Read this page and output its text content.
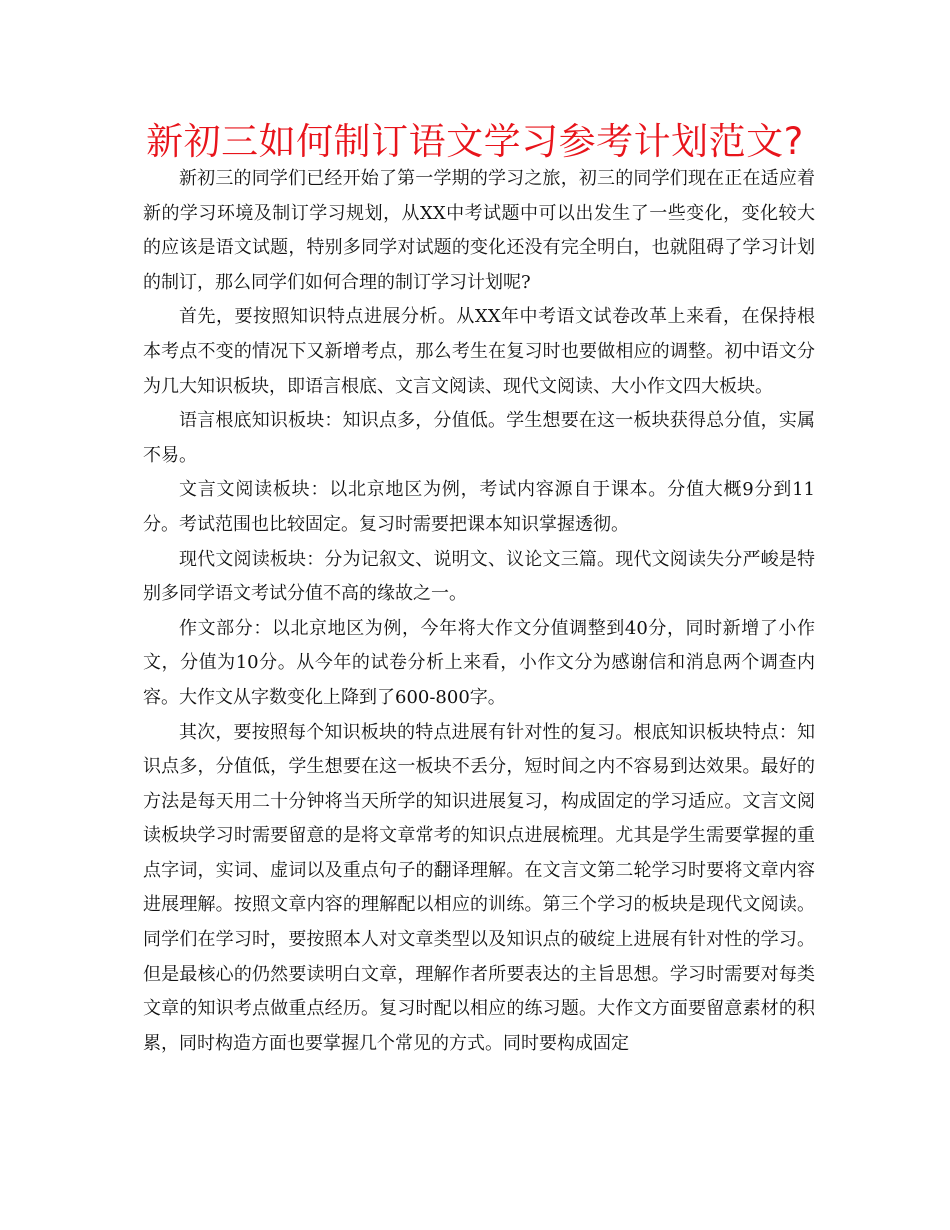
新初三如何制订语文学习参考计划范文?

新初三的同学们已经开始了第一学期的学习之旅，初三的同学们现在正在适应着新的学习环境及制订学习规划，从XX中考试题中可以出发生了一些变化，变化较大的应该是语文试题，特别多同学对试题的变化还没有完全明白，也就阻碍了学习计划的制订，那么同学们如何合理的制订学习计划呢?

首先，要按照知识特点进展分析。从XX年中考语文试卷改革上来看，在保持根本考点不变的情况下又新增考点，那么考生在复习时也要做相应的调整。初中语文分为几大知识板块，即语言根底、文言文阅读、现代文阅读、大小作文四大板块。

语言根底知识板块：知识点多，分值低。学生想要在这一板块获得总分值，实属不易。

文言文阅读板块：以北京地区为例，考试内容源自于课本。分值大概9分到11分。考试范围也比较固定。复习时需要把课本知识掌握透彻。

现代文阅读板块：分为记叙文、说明文、议论文三篇。现代文阅读失分严峻是特别多同学语文考试分值不高的缘故之一。

作文部分：以北京地区为例，今年将大作文分值调整到40分，同时新增了小作文，分值为10分。从今年的试卷分析上来看，小作文分为感谢信和消息两个调查内容。大作文从字数变化上降到了600-800字。

其次，要按照每个知识板块的特点进展有针对性的复习。根底知识板块特点：知识点多，分值低，学生想要在这一板块不丢分，短时间之内不容易到达效果。最好的方法是每天用二十分钟将当天所学的知识进展复习，构成固定的学习适应。文言文阅读板块学习时需要留意的是将文章常考的知识点进展梳理。尤其是学生需要掌握的重点字词，实词、虚词以及重点句子的翻译理解。在文言文第二轮学习时要将文章内容进展理解。按照文章内容的理解配以相应的训练。第三个学习的板块是现代文阅读。同学们在学习时，要按照本人对文章类型以及知识点的破绽上进展有针对性的学习。但是最核心的仍然要读明白文章，理解作者所要表达的主旨思想。学习时需要对每类文章的知识考点做重点经历。复习时配以相应的练习题。大作文方面要留意素材的积累，同时构造方面也要掌握几个常见的方式。同时要构成固定
